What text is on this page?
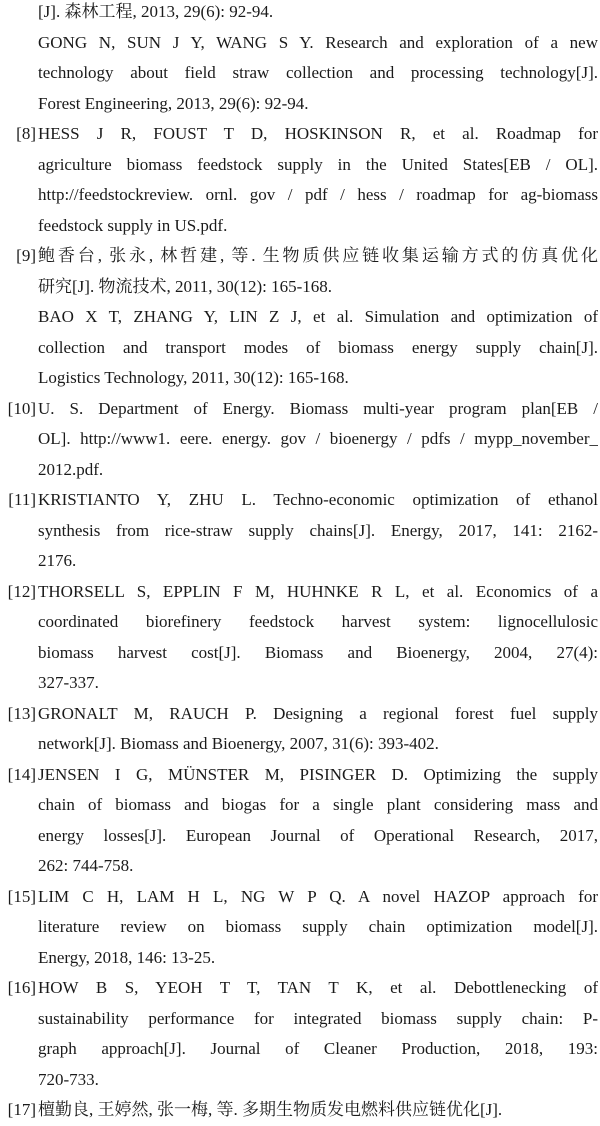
[J]. 森林工程, 2013, 29(6): 92-94.
GONG N, SUN J Y, WANG S Y. Research and exploration of a new
technology about field straw collection and processing technology[J].
Forest Engineering, 2013, 29(6): 92-94.
[8] HESS J R, FOUST T D, HOSKINSON R, et al. Roadmap for
agriculture biomass feedstock supply in the United States[EB / OL].
http://feedstockreview. ornl. gov / pdf / hess / roadmap for ag-biomass
feedstock supply in US.pdf.
[9] 鲍香台, 张永, 林哲建, 等. 生物质供应链收集运输方式的仿真优化
研究[J]. 物流技术, 2011, 30(12): 165-168.
BAO X T, ZHANG Y, LIN Z J, et al. Simulation and optimization of
collection and transport modes of biomass energy supply chain[J].
Logistics Technology, 2011, 30(12): 165-168.
[10] U. S. Department of Energy. Biomass multi-year program plan[EB /
OL]. http://www1. eere. energy. gov / bioenergy / pdfs / mypp_november_
2012.pdf.
[11] KRISTIANTO Y, ZHU L. Techno-economic optimization of ethanol
synthesis from rice-straw supply chains[J]. Energy, 2017, 141: 2162-
2176.
[12] THORSELL S, EPPLIN F M, HUHNKE R L, et al. Economics of a
coordinated biorefinery feedstock harvest system: lignocellulosic
biomass harvest cost[J]. Biomass and Bioenergy, 2004, 27(4):
327-337.
[13] GRONALT M, RAUCH P. Designing a regional forest fuel supply
network[J]. Biomass and Bioenergy, 2007, 31(6): 393-402.
[14] JENSEN I G, MÜNSTER M, PISINGER D. Optimizing the supply
chain of biomass and biogas for a single plant considering mass and
energy losses[J]. European Journal of Operational Research, 2017,
262: 744-758.
[15] LIM C H, LAM H L, NG W P Q. A novel HAZOP approach for
literature review on biomass supply chain optimization model[J].
Energy, 2018, 146: 13-25.
[16] HOW B S, YEOH T T, TAN T K, et al. Debottlenecking of
sustainability performance for integrated biomass supply chain: P-
graph approach[J]. Journal of Cleaner Production, 2018, 193:
720-733.
[17] 檀勤良, 王婷然, 张一梅, 等. 多期生物质发电燃料供应链优化[J].
